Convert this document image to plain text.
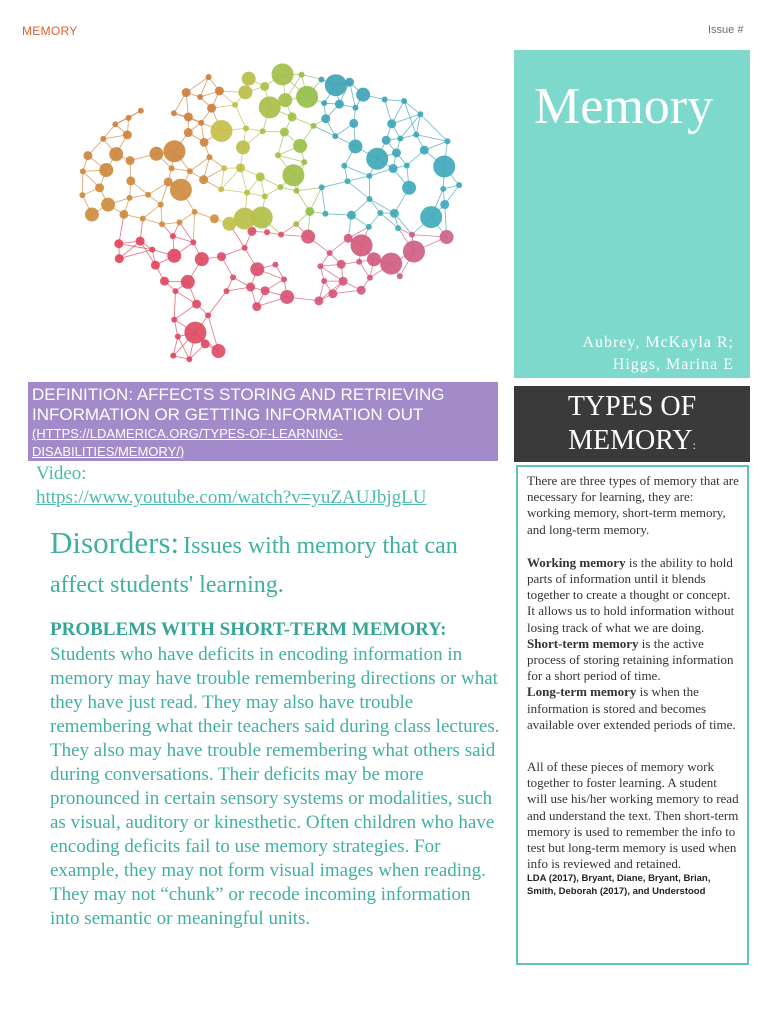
MEMORY	Issue #
Memory
Aubrey, McKayla R;
Higgs, Marina E
DEFINITION: AFFECTS STORING AND RETRIEVING INFORMATION OR GETTING INFORMATION OUT
(HTTPS://LDAMERICA.ORG/TYPES-OF-LEARNING-DISABILITIES/MEMORY/)
Video:
https://www.youtube.com/watch?v=yuZAUJbjgLU
Disorders: Issues with memory that can affect students' learning.
PROBLEMS WITH SHORT-TERM MEMORY:
Students who have deficits in encoding information in memory may have trouble remembering directions or what they have just read. They may also have trouble remembering what their teachers said during class lectures. They also may have trouble remembering what others said during conversations. Their deficits may be more pronounced in certain sensory systems or modalities, such as visual, auditory or kinesthetic. Often children who have encoding deficits fail to use memory strategies. For example, they may not form visual images when reading. They may not “chunk” or recode incoming information into semantic or meaningful units.
TYPES OF
MEMORY:

There are three types of memory that are necessary for learning, they are: working memory, short-term memory, and long-term memory.

Working memory is the ability to hold parts of information until it blends together to create a thought or concept. It allows us to hold information without losing track of what we are doing.

Short-term memory is the active process of storing retaining information for a short period of time.

Long-term memory is when the information is stored and becomes available over extended periods of time.

All of these pieces of memory work together to foster learning. A student will use his/her working memory to read and understand the text. Then short-term memory is used to remember the info to test but long-term memory is used when info is reviewed and retained.

LDA (2017), Bryant, Diane, Bryant, Brian, Smith, Deborah (2017), and Understood
